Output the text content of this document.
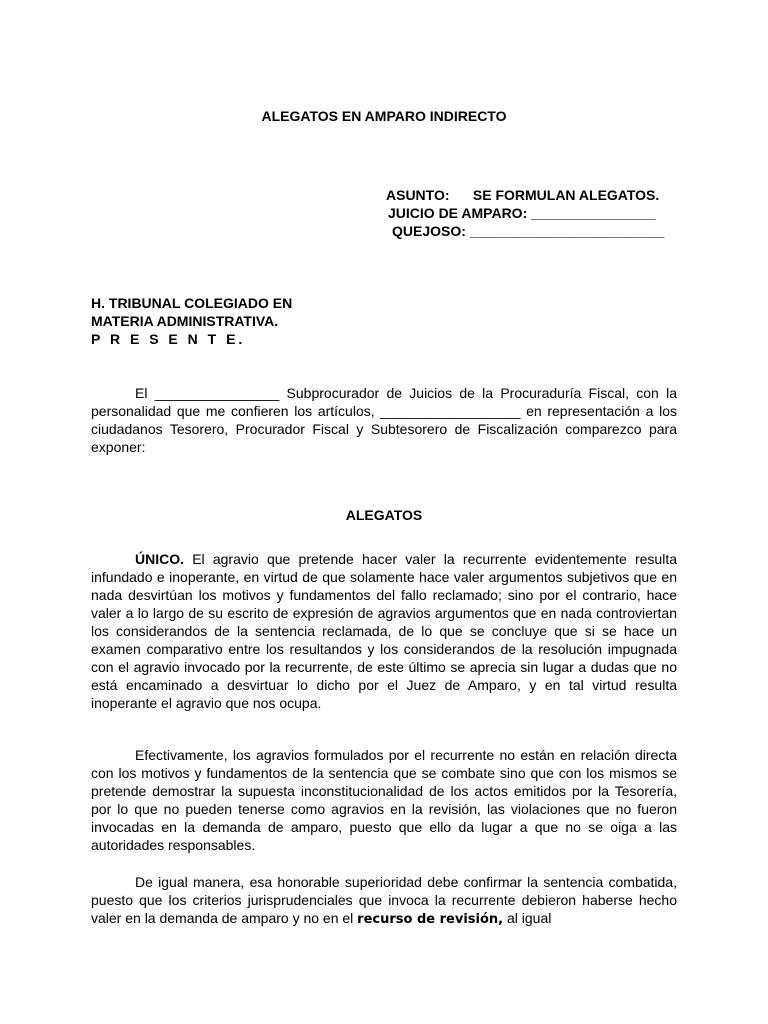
ALEGATOS EN AMPARO INDIRECTO
ASUNTO: SE FORMULAN ALEGATOS.
JUICIO DE AMPARO: ________________
QUEJOSO: _________________________
H. TRIBUNAL COLEGIADO EN
MATERIA ADMINISTRATIVA.
P R E S E N T E.
El ________________ Subprocurador de Juicios de la Procuraduría Fiscal, con la personalidad que me confieren los artículos, __________________ en representación a los ciudadanos Tesorero, Procurador Fiscal y Subtesorero de Fiscalización comparezco para exponer:
ALEGATOS
ÚNICO. El agravio que pretende hacer valer la recurrente evidentemente resulta infundado e inoperante, en virtud de que solamente hace valer argumentos subjetivos que en nada desvirtúan los motivos y fundamentos del fallo reclamado; sino por el contrario, hace valer a lo largo de su escrito de expresión de agravios argumentos que en nada controviertan los considerandos de la sentencia reclamada, de lo que se concluye que si se hace un examen comparativo entre los resultandos y los considerandos de la resolución impugnada con el agravio invocado por la recurrente, de este último se aprecia sin lugar a dudas que no está encaminado a desvirtuar lo dicho por el Juez de Amparo, y en tal virtud resulta inoperante el agravio que nos ocupa.
Efectivamente, los agravios formulados por el recurrente no están en relación directa con los motivos y fundamentos de la sentencia que se combate sino que con los mismos se pretende demostrar la supuesta inconstitucionalidad de los actos emitidos por la Tesorería, por lo que no pueden tenerse como agravios en la revisión, las violaciones que no fueron invocadas en la demanda de amparo, puesto que ello da lugar a que no se oiga a las autoridades responsables.
De igual manera, esa honorable superioridad debe confirmar la sentencia combatida, puesto que los criterios jurisprudenciales que invoca la recurrente debieron haberse hecho valer en la demanda de amparo y no en el recurso de revisión, al igual
